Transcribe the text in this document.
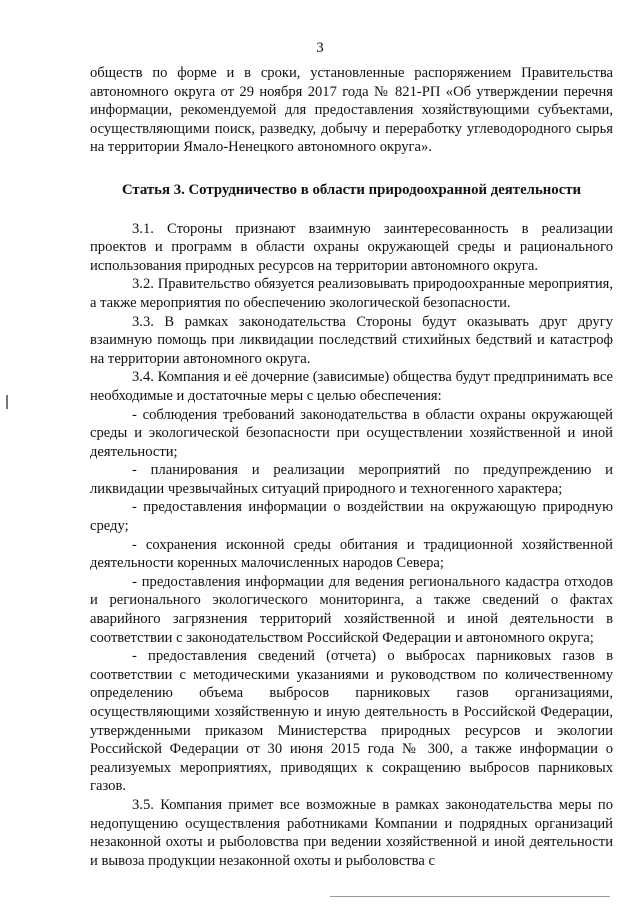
3

обществ по форме и в сроки, установленные распоряжением Правительства автономного округа от 29 ноября 2017 года № 821-РП «Об утверждении перечня информации, рекомендуемой для предоставления хозяйствующими субъектами, осуществляющими поиск, разведку, добычу и переработку углеводородного сырья на территории Ямало-Ненецкого автономного округа».

Статья 3. Сотрудничество в области природоохранной деятельности

3.1. Стороны признают взаимную заинтересованность в реализации проектов и программ в области охраны окружающей среды и рационального использования природных ресурсов на территории автономного округа.

3.2. Правительство обязуется реализовывать природоохранные мероприятия, а также мероприятия по обеспечению экологической безопасности.

3.3. В рамках законодательства Стороны будут оказывать друг другу взаимную помощь при ликвидации последствий стихийных бедствий и катастроф на территории автономного округа.

3.4. Компания и её дочерние (зависимые) общества будут предпринимать все необходимые и достаточные меры с целью обеспечения:

- соблюдения требований законодательства в области охраны окружающей среды и экологической безопасности при осуществлении хозяйственной и иной деятельности;

- планирования и реализации мероприятий по предупреждению и ликвидации чрезвычайных ситуаций природного и техногенного характера;

- предоставления информации о воздействии на окружающую природную среду;

- сохранения исконной среды обитания и традиционной хозяйственной деятельности коренных малочисленных народов Севера;

- предоставления информации для ведения регионального кадастра отходов и регионального экологического мониторинга, а также сведений о фактах аварийного загрязнения территорий хозяйственной и иной деятельности в соответствии с законодательством Российской Федерации и автономного округа;

- предоставления сведений (отчета) о выбросах парниковых газов в соответствии с методическими указаниями и руководством по количественному определению объема выбросов парниковых газов организациями, осуществляющими хозяйственную и иную деятельность в Российской Федерации, утвержденными приказом Министерства природных ресурсов и экологии Российской Федерации от 30 июня 2015 года № 300, а также информации о реализуемых мероприятиях, приводящих к сокращению выбросов парниковых газов.

3.5. Компания примет все возможные в рамках законодательства меры по недопущению осуществления работниками Компании и подрядных организаций незаконной охоты и рыболовства при ведении хозяйственной и иной деятельности и вывоза продукции незаконной охоты и рыболовства с
